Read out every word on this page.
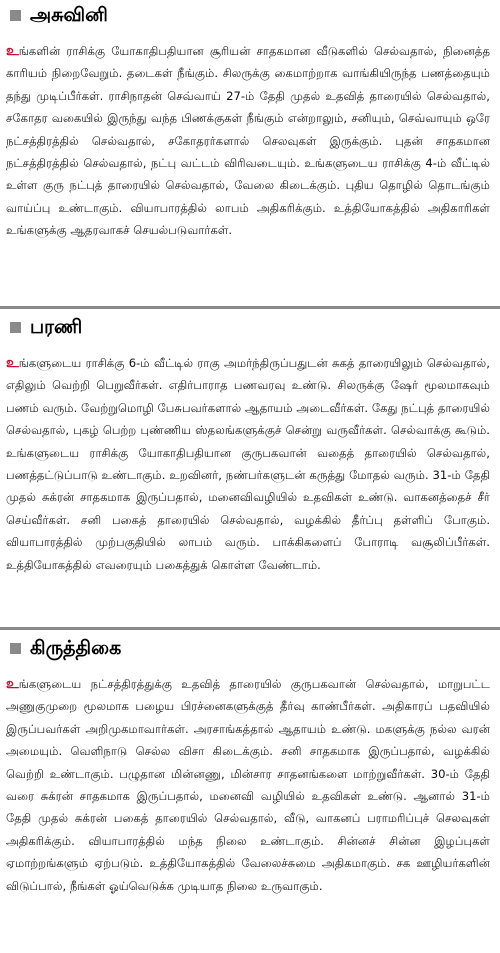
அசுவினி
உங்களின் ராசிக்கு யோகாதிபதியான சூரியன் சாதகமான வீடுகளில் செல்வதால், நினைத்த காரியம் நிறைவேறும். தடைகள் நீங்கும். சிலருக்கு கைமாற்றாக வாங்கியிருந்த பணத்தையும் தந்து முடிப்பீர்கள். ராசிநாதன் செவ்வாய் 27-ம் தேதி முதல் உதவித் தாரையில் செல்வதால், சகோதர வகையில் இருந்து வந்த பிணக்குகள் நீங்கும் என்றாலும், சனியும், செவ்வாயும் ஒரே நட்சத்திரத்தில் செல்வதால், சகோதரர்களால் செலவுகள் இருக்கும். புதன் சாதகமான நட்சத்திரத்தில் செல்வதால், நட்பு வட்டம் விரிவடையும். உங்களுடைய ராசிக்கு 4-ம் வீட்டில் உள்ள குரு நட்புத் தாரையில் செல்வதால், வேலை கிடைக்கும். புதிய தொழில் தொடங்கும் வாய்ப்பு உண்டாகும். வியாபாரத்தில் லாபம் அதிகரிக்கும். உத்தியோகத்தில் அதிகாரிகள் உங்களுக்கு ஆதரவாகச் செயல்படுவார்கள்.
பரணி
உங்களுடைய ராசிக்கு 6-ம் வீட்டில் ராகு அமர்ந்திருப்பதுடன் சுகத் தாரையிலும் செல்வதால், எதிலும் வெற்றி பெறுவீர்கள். எதிர்பாராத பணவரவு உண்டு. சிலருக்கு ஷேர் மூலமாகவும் பணம் வரும். வேற்றுமொழி பேசுபவர்களால் ஆதாயம் அடைவீர்கள். கேது நட்புத் தாரையில் செல்வதால், புகழ் பெற்ற புண்ணிய ஸ்தலங்களுக்குச் சென்று வருவீர்கள். செல்வாக்கு கூடும். உங்களுடைய ராசிக்கு யோகாதிபதியான குருபகவான் வதைத் தாரையில் செல்வதால், பணத்தட்டுப்பாடு உண்டாகும். உறவினர், நண்பர்களுடன் கருத்து மோதல் வரும். 31-ம் தேதி முதல் சுக்ரன் சாதகமாக இருப்பதால், மனைவிவழியில் உதவிகள் உண்டு. வாகனத்தைச் சீர் செய்வீர்கள். சனி பகைத் தாரையில் செல்வதால், வழக்கில் தீர்ப்பு தள்ளிப் போகும். வியாபாரத்தில் முற்பகுதியில் லாபம் வரும். பாக்கிகளைப் போராடி வசூலிப்பீர்கள். உத்தியோகத்தில் எவரையும் பகைத்துக் கொள்ள வேண்டாம்.
கிருத்திகை
உங்களுடைய நட்சத்திரத்துக்கு உதவித் தாரையில் குருபகவான் செல்வதால், மாறுபட்ட அணுகுமுறை மூலமாக பழைய பிரச்னைகளுக்குத் தீர்வு காண்பீர்கள். அதிகாரப் பதவியில் இருப்பவர்கள் அறிமுகமாவார்கள். அரசாங்கத்தால் ஆதாயம் உண்டு. மகளுக்கு நல்ல வரன் அமையும். வெளிநாடு செல்ல விசா கிடைக்கும். சனி சாதகமாக இருப்பதால், வழக்கில் வெற்றி உண்டாகும். பழுதான மின்னணு, மின்சார சாதனங்களை மாற்றுவீர்கள். 30-ம் தேதி வரை சுக்ரன் சாதகமாக இருப்பதால், மனைவி வழியில் உதவிகள் உண்டு. ஆனால் 31-ம் தேதி முதல் சுக்ரன் பகைத் தாரையில் செல்வதால், வீடு, வாகனப் பராமரிப்புச் செலவுகள் அதிகரிக்கும். வியாபாரத்தில் மந்த நிலை உண்டாகும். சின்னச் சின்ன இழப்புகள் ஏமாற்றங்களும் ஏற்படும். உத்தியோகத்தில் வேலைச்சுமை அதிகமாகும். சக ஊழியர்களின் விடுப்பால், நீங்கள் ஓய்வெடுக்க முடியாத நிலை உருவாகும்.
